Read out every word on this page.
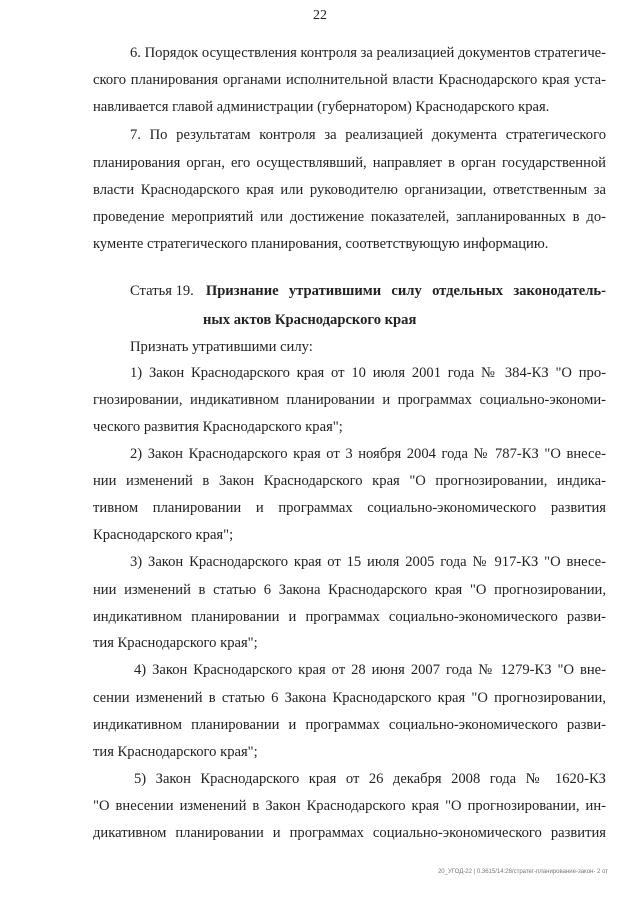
22
6. Порядок осуществления контроля за реализацией документов стратегиче-
ского планирования органами исполнительной власти Краснодарского края уста-
навливается главой администрации (губернатором) Краснодарского края.
7. По результатам контроля за реализацией документа стратегического
планирования орган, его осуществлявший, направляет в орган государственной
власти Краснодарского края или руководителю организации, ответственным за
проведение мероприятий или достижение показателей, запланированных в до-
кументе стратегического планирования, соответствующую информацию.
Статья 19. Признание утратившими силу отдельных законодатель-
ных актов Краснодарского края
Признать утратившими силу:
1) Закон Краснодарского края от 10 июля 2001 года № 384-КЗ "О про-
гнозировании, индикативном планировании и программах социально-экономи-
ческого развития Краснодарского края";
2) Закон Краснодарского края от 3 ноября 2004 года № 787-КЗ "О внесе-
нии изменений в Закон Краснодарского края "О прогнозировании, индика-
тивном планировании и программах социально-экономического развития
Краснодарского края";
3) Закон Краснодарского края от 15 июля 2005 года № 917-КЗ "О внесе-
нии изменений в статью 6 Закона Краснодарского края "О прогнозировании,
индикативном планировании и программах социально-экономического разви-
тия Краснодарского края";
4) Закон Краснодарского края от 28 июня 2007 года № 1279-КЗ "О вне-
сении изменений в статью 6 Закона Краснодарского края "О прогнозировании,
индикативном планировании и программах социально-экономического разви-
тия Краснодарского края";
5) Закон Краснодарского края от 26 декабря 2008 года № 1620-КЗ
"О внесении изменений в Закон Краснодарского края "О прогнозировании, ин-
дикативном планировании и программах социально-экономического развития
20_УГОД-22 | 0.3615/14:28/стратег-планирование-закон- 2 от
